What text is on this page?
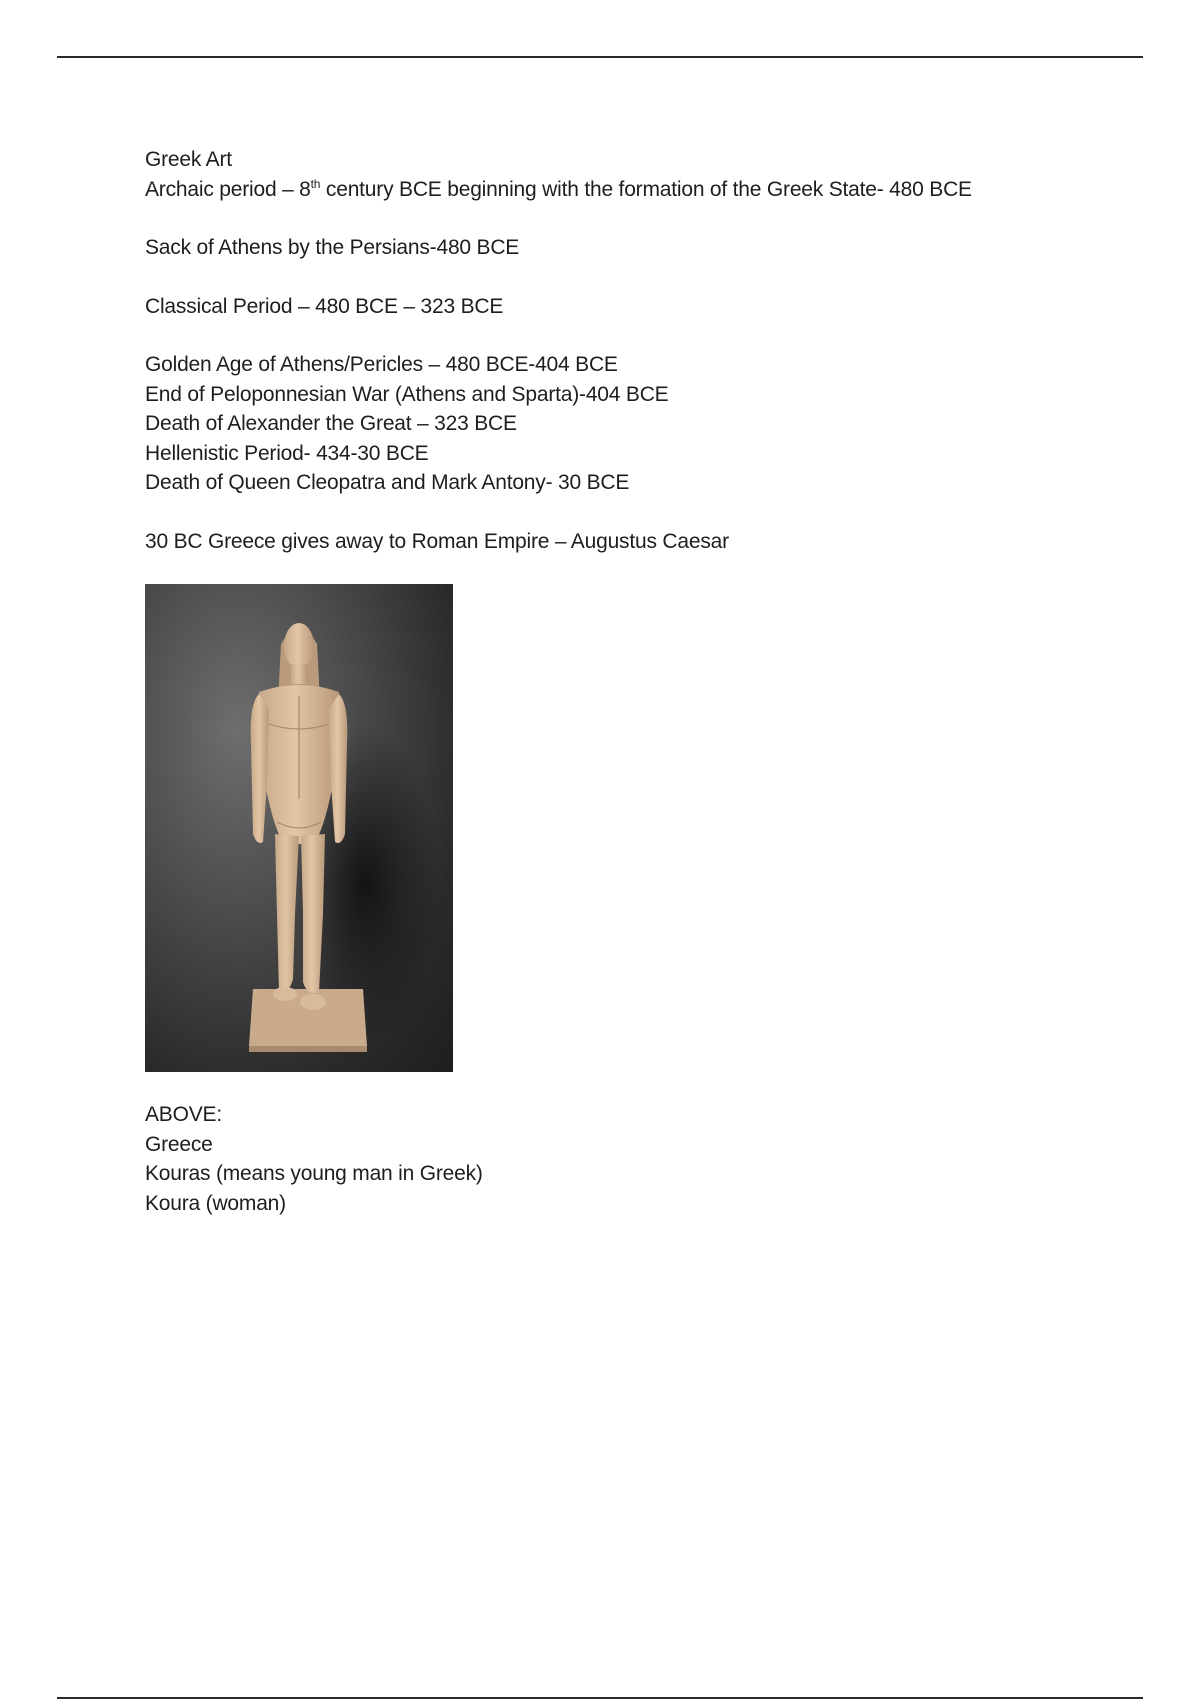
Greek Art

Archaic period – 8th century BCE beginning with the formation of the Greek State- 480 BCE

Sack of Athens by the Persians-480 BCE

Classical Period – 480 BCE – 323 BCE

Golden Age of Athens/Pericles – 480 BCE-404 BCE

End of Peloponnesian War (Athens and Sparta)-404 BCE

Death of Alexander the Great – 323 BCE

Hellenistic Period- 434-30 BCE

Death of Queen Cleopatra and Mark Antony- 30 BCE

30 BC Greece gives away to Roman Empire – Augustus Caesar

ABOVE:

Greece

Kouras (means young man in Greek)

Koura (woman)
